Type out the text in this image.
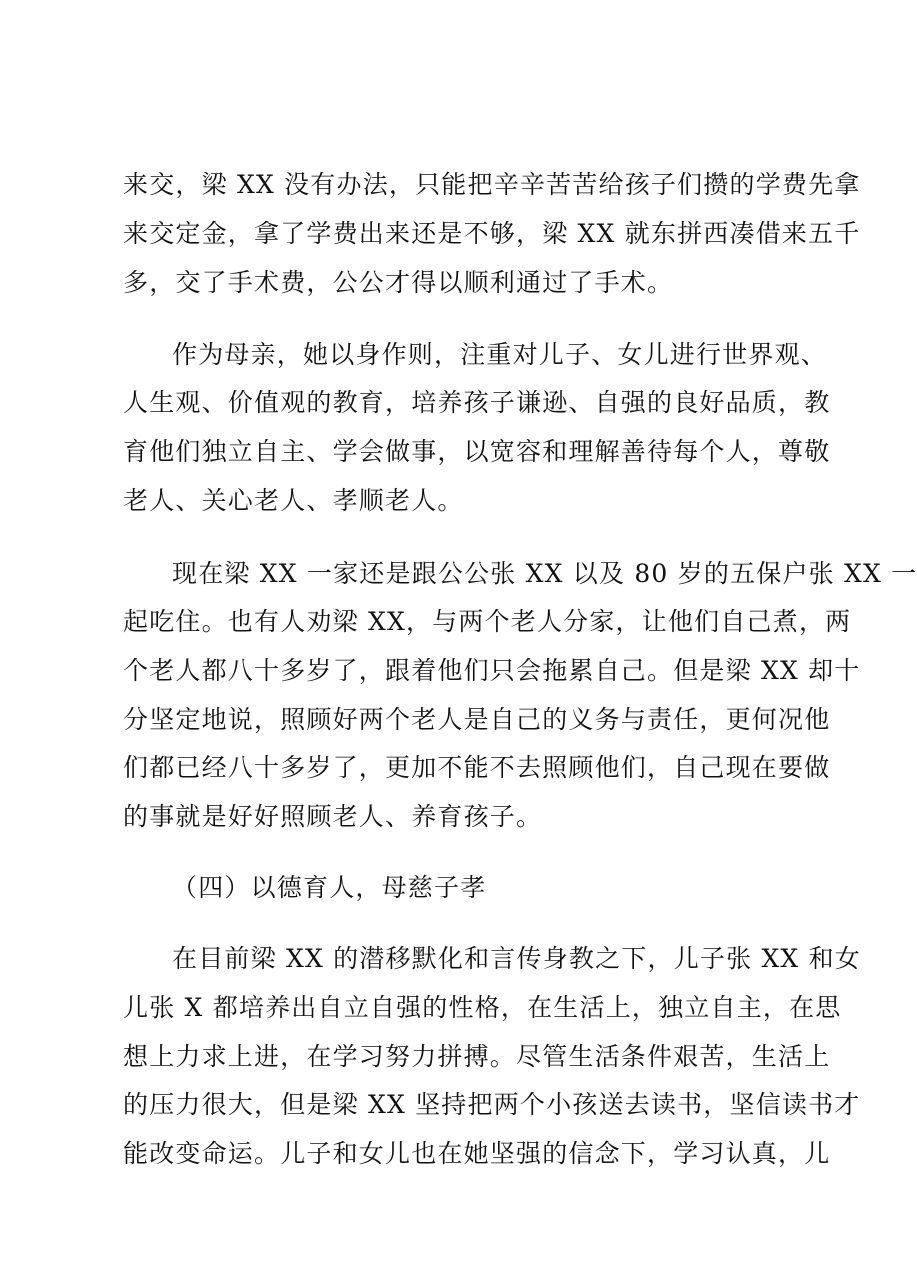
来交，梁 XX 没有办法，只能把辛辛苦苦给孩子们攒的学费先拿
来交定金，拿了学费出来还是不够，梁 XX 就东拼西凑借来五千
多，交了手术费，公公才得以顺利通过了手术。
作为母亲，她以身作则，注重对儿子、女儿进行世界观、
人生观、价值观的教育，培养孩子谦逊、自强的良好品质，教
育他们独立自主、学会做事，以宽容和理解善待每个人，尊敬
老人、关心老人、孝顺老人。
现在梁 XX 一家还是跟公公张 XX 以及 80 岁的五保户张 XX 一
起吃住。也有人劝梁 XX，与两个老人分家，让他们自己煮，两
个老人都八十多岁了，跟着他们只会拖累自己。但是梁 XX 却十
分坚定地说，照顾好两个老人是自己的义务与责任，更何况他
们都已经八十多岁了，更加不能不去照顾他们，自己现在要做
的事就是好好照顾老人、养育孩子。
（四）以德育人，母慈子孝
在目前梁 XX 的潜移默化和言传身教之下，儿子张 XX 和女
儿张 X 都培养出自立自强的性格，在生活上，独立自主，在思
想上力求上进，在学习努力拼搏。尽管生活条件艰苦，生活上
的压力很大，但是梁 XX 坚持把两个小孩送去读书，坚信读书才
能改变命运。儿子和女儿也在她坚强的信念下，学习认真，儿
